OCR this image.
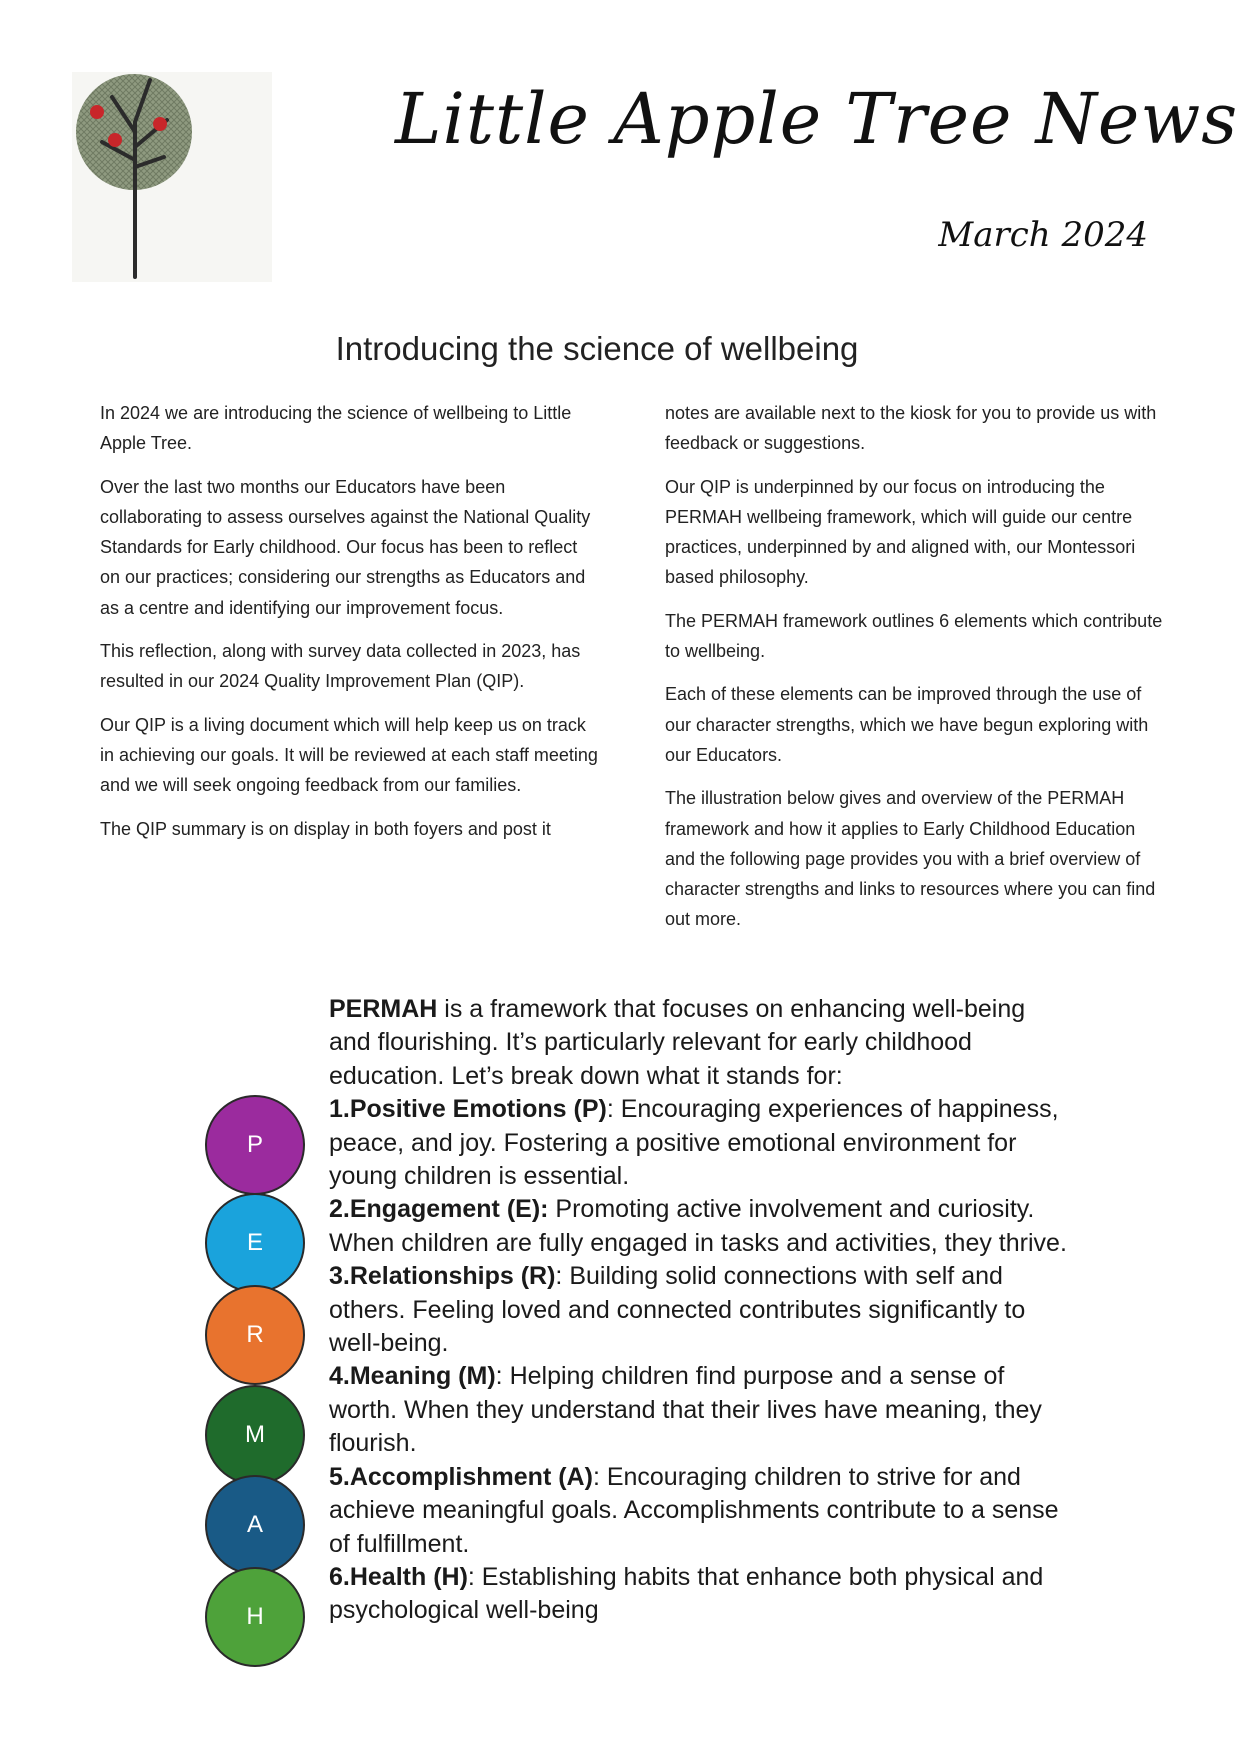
Little Apple Tree News
March 2024
Introducing the science of wellbeing

In 2024 we are introducing the science of wellbeing to Little Apple Tree.

Over the last two months our Educators have been collaborating to assess ourselves against the National Quality Standards for Early childhood. Our focus has been to reflect on our practices; considering our strengths as Educators and as a centre and identifying our improvement focus.

This reflection, along with survey data collected in 2023, has resulted in our 2024 Quality Improvement Plan (QIP).

Our QIP is a living document which will help keep us on track in achieving our goals. It will be reviewed at each staff meeting and we will seek ongoing feedback from our families.

The QIP summary is on display in both foyers and post it

notes are available next to the kiosk for you to provide us with feedback or suggestions.

Our QIP is underpinned by our focus on introducing the PERMAH wellbeing framework, which will guide our centre practices, underpinned by and aligned with, our Montessori based philosophy.

The PERMAH framework outlines 6 elements which contribute to wellbeing.

Each of these elements can be improved through the use of our character strengths, which we have begun exploring with our Educators.

The illustration below gives and overview of the PERMAH framework and how it applies to Early Childhood Education and the following page provides you with a brief overview of character strengths and links to resources where you can find out more.

P
E
R
M
A
H

PERMAH is a framework that focuses on enhancing well-being and flourishing. It’s particularly relevant for early childhood education. Let’s break down what it stands for:

1.Positive Emotions (P): Encouraging experiences of happiness, peace, and joy. Fostering a positive emotional environment for young children is essential.

2.Engagement (E): Promoting active involvement and curiosity. When children are fully engaged in tasks and activities, they thrive.

3.Relationships (R): Building solid connections with self and others. Feeling loved and connected contributes significantly to well-being.

4.Meaning (M): Helping children find purpose and a sense of worth. When they understand that their lives have meaning, they flourish.

5.Accomplishment (A): Encouraging children to strive for and achieve meaningful goals. Accomplishments contribute to a sense of fulfillment.

6.Health (H): Establishing habits that enhance both physical and psychological well-being
